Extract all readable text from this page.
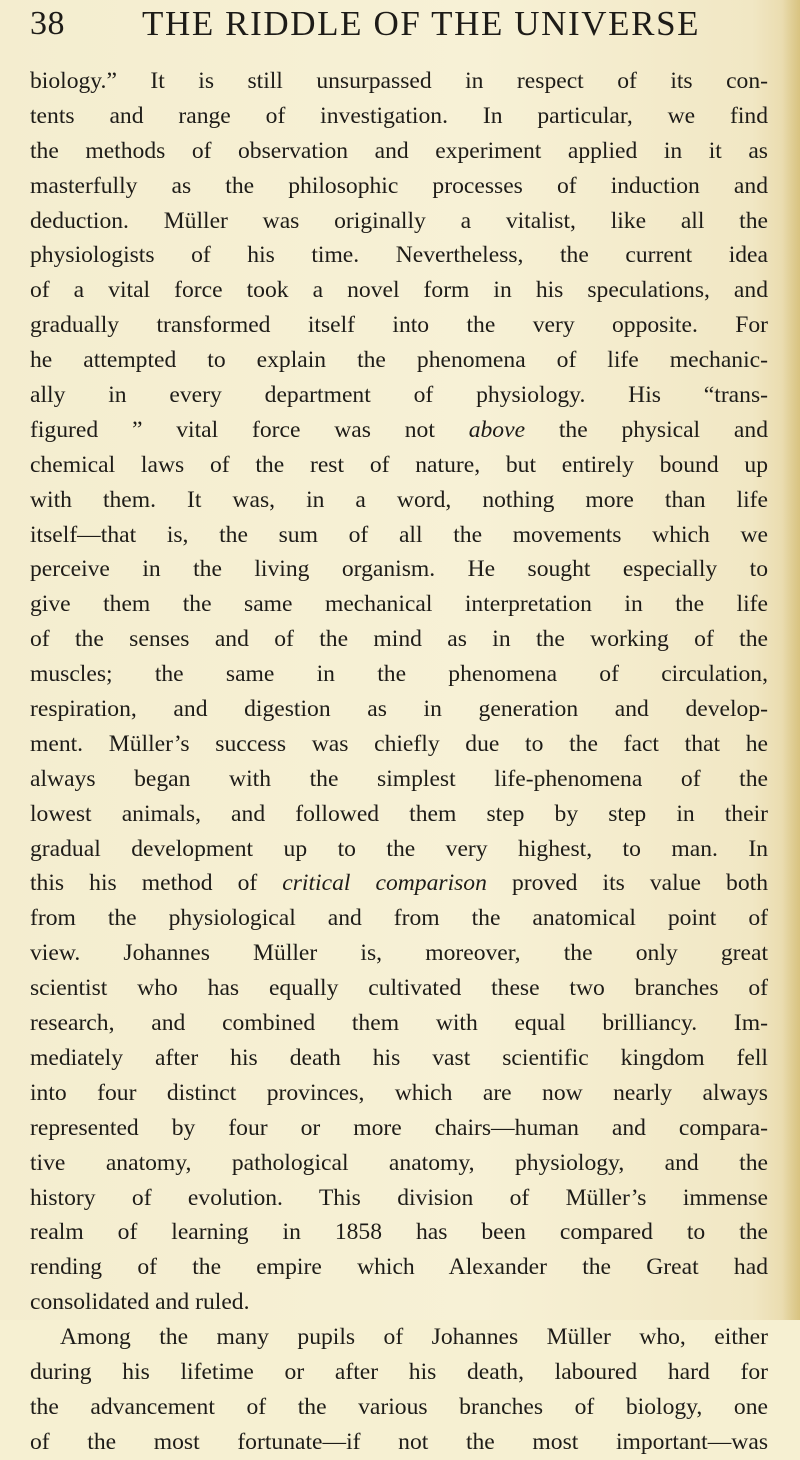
38 THE RIDDLE OF THE UNIVERSE
biology.” It is still unsurpassed in respect of its con-
tents and range of investigation. In particular, we find
the methods of observation and experiment applied in it as
masterfully as the philosophic processes of induction and
deduction. Müller was originally a vitalist, like all the
physiologists of his time. Nevertheless, the current idea
of a vital force took a novel form in his speculations, and
gradually transformed itself into the very opposite. For
he attempted to explain the phenomena of life mechanic-
ally in every department of physiology. His “trans-
figured ” vital force was not above the physical and
chemical laws of the rest of nature, but entirely bound up
with them. It was, in a word, nothing more than life
itself—that is, the sum of all the movements which we
perceive in the living organism. He sought especially to
give them the same mechanical interpretation in the life
of the senses and of the mind as in the working of the
muscles; the same in the phenomena of circulation,
respiration, and digestion as in generation and develop-
ment. Müller’s success was chiefly due to the fact that he
always began with the simplest life-phenomena of the
lowest animals, and followed them step by step in their
gradual development up to the very highest, to man. In
this his method of critical comparison proved its value both
from the physiological and from the anatomical point of
view. Johannes Müller is, moreover, the only great
scientist who has equally cultivated these two branches of
research, and combined them with equal brilliancy. Im-
mediately after his death his vast scientific kingdom fell
into four distinct provinces, which are now nearly always
represented by four or more chairs—human and compara-
tive anatomy, pathological anatomy, physiology, and the
history of evolution. This division of Müller’s immense
realm of learning in 1858 has been compared to the
rending of the empire which Alexander the Great had
consolidated and ruled.
Among the many pupils of Johannes Müller who, either
during his lifetime or after his death, laboured hard for
the advancement of the various branches of biology, one
of the most fortunate—if not the most important—was
